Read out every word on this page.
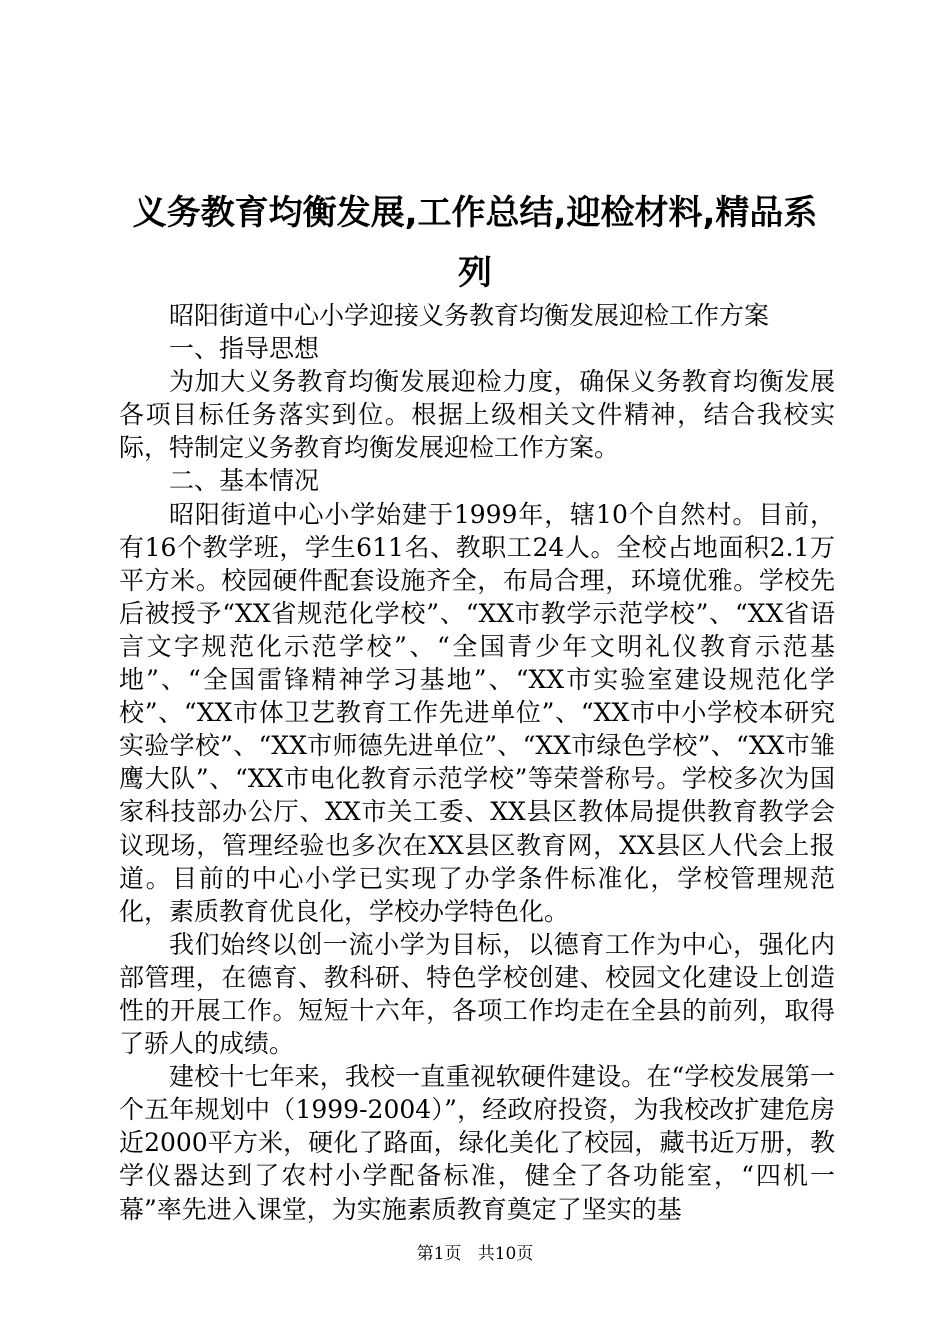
义务教育均衡发展,工作总结,迎检材料,精品系列

昭阳街道中心小学迎接义务教育均衡发展迎检工作方案

一、指导思想

为加大义务教育均衡发展迎检力度，确保义务教育均衡发展各项目标任务落实到位。根据上级相关文件精神，结合我校实际，特制定义务教育均衡发展迎检工作方案。

二、基本情况

昭阳街道中心小学始建于1999年，辖10个自然村。目前，有16个教学班，学生611名、教职工24人。全校占地面积2.1万平方米。校园硬件配套设施齐全，布局合理，环境优雅。学校先后被授予“XX省规范化学校”、“XX市教学示范学校”、“XX省语言文字规范化示范学校”、“全国青少年文明礼仪教育示范基地”、“全国雷锋精神学习基地”、“XX市实验室建设规范化学校”、“XX市体卫艺教育工作先进单位”、“XX市中小学校本研究实验学校”、“XX市师德先进单位”、“XX市绿色学校”、“XX市雏鹰大队”、“XX市电化教育示范学校”等荣誉称号。学校多次为国家科技部办公厅、XX市关工委、XX县区教体局提供教育教学会议现场，管理经验也多次在XX县区教育网，XX县区人代会上报道。目前的中心小学已实现了办学条件标准化，学校管理规范化，素质教育优良化，学校办学特色化。

我们始终以创一流小学为目标，以德育工作为中心，强化内部管理，在德育、教科研、特色学校创建、校园文化建设上创造性的开展工作。短短十六年，各项工作均走在全县的前列，取得了骄人的成绩。

建校十七年来，我校一直重视软硬件建设。在“学校发展第一个五年规划中（1999-2004）”，经政府投资，为我校改扩建危房近2000平方米，硬化了路面，绿化美化了校园，藏书近万册，教学仪器达到了农村小学配备标准，健全了各功能室，“四机一幕”率先进入课堂，为实施素质教育奠定了坚实的基

第1页 共10页
